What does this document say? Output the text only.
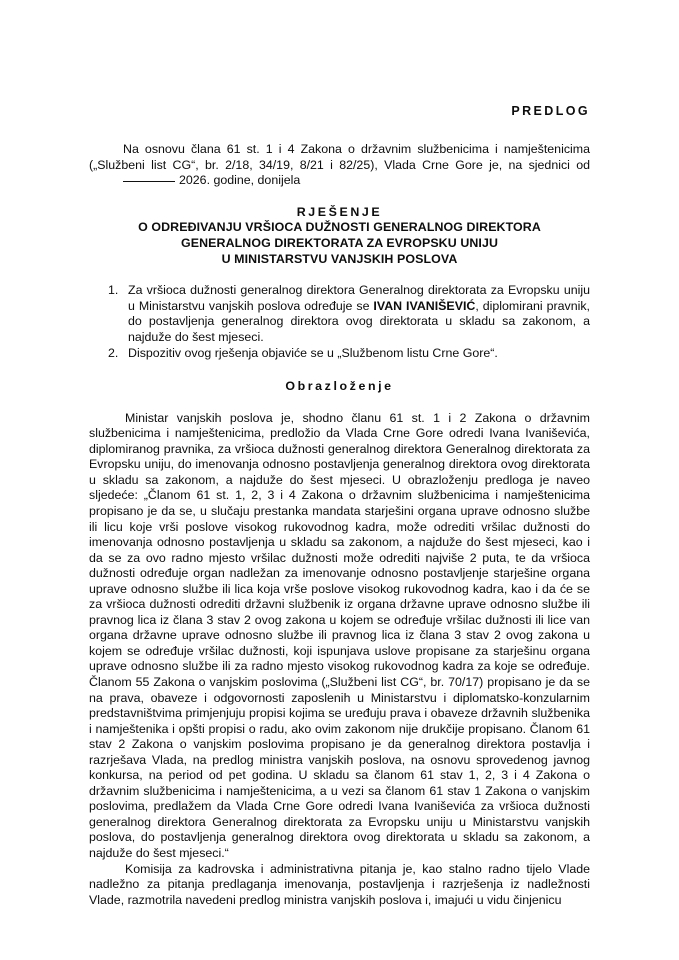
PREDLOG
Na osnovu člana 61 st. 1 i 4 Zakona o državnim službenicima i namještenicima („Službeni list CG“, br. 2/18, 34/19, 8/21 i 82/25), Vlada Crne Gore je, na sjednici od 2026. godine, donijela
RJEŠENJE
O ODREĐIVANJU VRŠIOCA DUŽNOSTI GENERALNOG DIREKTORA
GENERALNOG DIREKTORATA ZA EVROPSKU UNIJU
U MINISTARSTVU VANJSKIH POSLOVA
1. Za vršioca dužnosti generalnog direktora Generalnog direktorata za Evropsku uniju u Ministarstvu vanjskih poslova određuje se IVAN IVANIŠEVIĆ, diplomirani pravnik, do postavljenja generalnog direktora ovog direktorata u skladu sa zakonom, a najduže do šest mjeseci.
2. Dispozitiv ovog rješenja objaviće se u „Službenom listu Crne Gore“.
Obrazloženje

Ministar vanjskih poslova je, shodno članu 61 st. 1 i 2 Zakona o državnim službenicima i namještenicima, predložio da Vlada Crne Gore odredi Ivana Ivaniševića, diplomiranog pravnika, za vršioca dužnosti generalnog direktora Generalnog direktorata za Evropsku uniju, do imenovanja odnosno postavljenja generalnog direktora ovog direktorata u skladu sa zakonom, a najduže do šest mjeseci. U obrazloženju predloga je naveo sljedeće: „Članom 61 st. 1, 2, 3 i 4 Zakona o državnim službenicima i namještenicima propisano je da se, u slučaju prestanka mandata starješini organa uprave odnosno službe ili licu koje vrši poslove visokog rukovodnog kadra, može odrediti vršilac dužnosti do imenovanja odnosno postavljenja u skladu sa zakonom, a najduže do šest mjeseci, kao i da se za ovo radno mjesto vršilac dužnosti može odrediti najviše 2 puta, te da vršioca dužnosti određuje organ nadležan za imenovanje odnosno postavljenje starješine organa uprave odnosno službe ili lica koja vrše poslove visokog rukovodnog kadra, kao i da će se za vršioca dužnosti odrediti državni službenik iz organa državne uprave odnosno službe ili pravnog lica iz člana 3 stav 2 ovog zakona u kojem se određuje vršilac dužnosti ili lice van organa državne uprave odnosno službe ili pravnog lica iz člana 3 stav 2 ovog zakona u kojem se određuje vršilac dužnosti, koji ispunjava uslove propisane za starješinu organa uprave odnosno službe ili za radno mjesto visokog rukovodnog kadra za koje se određuje. Članom 55 Zakona o vanjskim poslovima („Službeni list CG“, br. 70/17) propisano je da se na prava, obaveze i odgovornosti zaposlenih u Ministarstvu i diplomatsko-konzularnim predstavništvima primjenjuju propisi kojima se uređuju prava i obaveze državnih službenika i namještenika i opšti propisi o radu, ako ovim zakonom nije drukčije propisano. Članom 61 stav 2 Zakona o vanjskim poslovima propisano je da generalnog direktora postavlja i razrješava Vlada, na predlog ministra vanjskih poslova, na osnovu sprovedenog javnog konkursa, na period od pet godina. U skladu sa članom 61 stav 1, 2, 3 i 4 Zakona o državnim službenicima i namještenicima, a u vezi sa članom 61 stav 1 Zakona o vanjskim poslovima, predlažem da Vlada Crne Gore odredi Ivana Ivaniševića za vršioca dužnosti generalnog direktora Generalnog direktorata za Evropsku uniju u Ministarstvu vanjskih poslova, do postavljenja generalnog direktora ovog direktorata u skladu sa zakonom, a najduže do šest mjeseci.“

Komisija za kadrovska i administrativna pitanja je, kao stalno radno tijelo Vlade nadležno za pitanja predlaganja imenovanja, postavljenja i razrješenja iz nadležnosti Vlade, razmotrila navedeni predlog ministra vanjskih poslova i, imajući u vidu činjenicu
